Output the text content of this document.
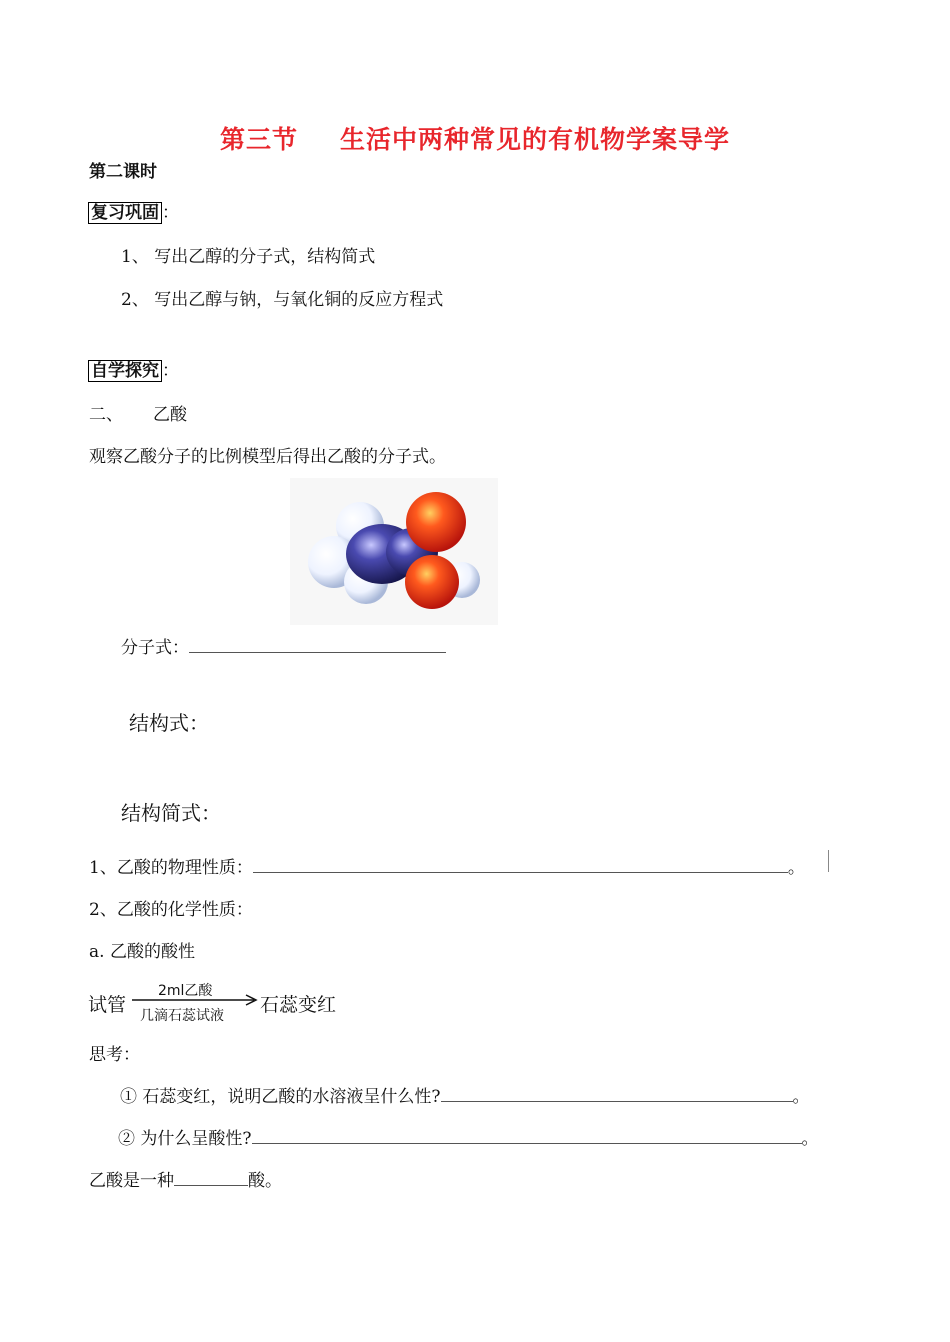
第三节 生活中两种常见的有机物学案导学
第二课时
复习巩固 ：
1、 写出乙醇的分子式，结构简式
2、 写出乙醇与钠，与氧化铜的反应方程式
自学探究 ：
二、 乙酸
观察乙酸分子的比例模型后得出乙酸的分子式。
分子式：
结构式：
结构简式：
1、乙酸的物理性质：	。
2、乙酸的化学性质：
a. 乙酸的酸性
试管
2ml乙酸
几滴石蕊试液 石蕊变红
思考：
① 石蕊变红，说明乙酸的水溶液呈什么性?	。
② 为什么呈酸性?	。
乙酸是一种	酸。
